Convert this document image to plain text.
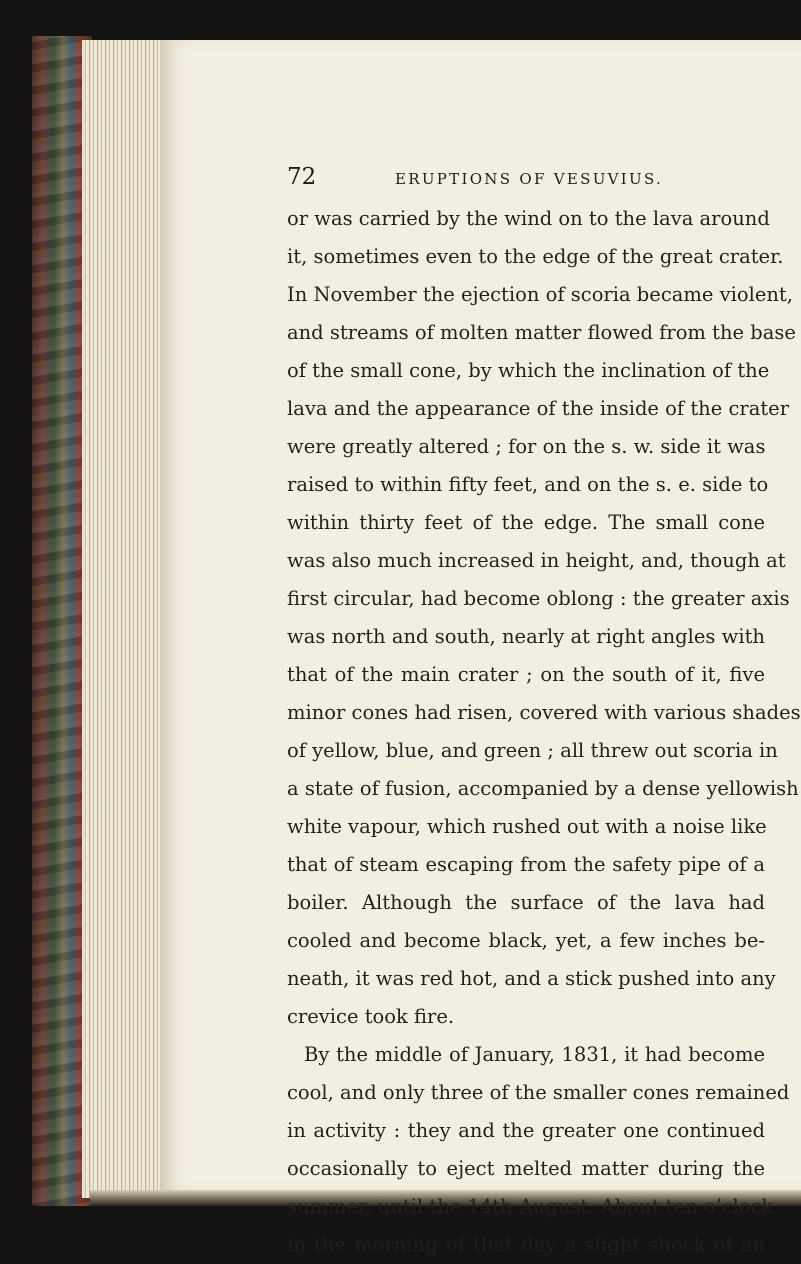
72	ERUPTIONS OF VESUVIUS.
or was carried by the wind on to the lava around
it, sometimes even to the edge of the great crater.
In November the ejection of scoria became violent,
and streams of molten matter flowed from the base
of the small cone, by which the inclination of the
lava and the appearance of the inside of the crater
were greatly altered ; for on the s. w. side it was
raised to within fifty feet, and on the s. e. side to
within thirty feet of the edge. The small cone
was also much increased in height, and, though at
first circular, had become oblong : the greater axis
was north and south, nearly at right angles with
that of the main crater ; on the south of it, five
minor cones had risen, covered with various shades
of yellow, blue, and green ; all threw out scoria in
a state of fusion, accompanied by a dense yellowish
white vapour, which rushed out with a noise like
that of steam escaping from the safety pipe of a
boiler. Although the surface of the lava had
cooled and become black, yet, a few inches be-
neath, it was red hot, and a stick pushed into any
crevice took fire.
By the middle of January, 1831, it had become
cool, and only three of the smaller cones remained
in activity : they and the greater one continued
occasionally to eject melted matter during the
summer, until the 14th August. About ten o’clock
in the morning of that day a slight shock of an
